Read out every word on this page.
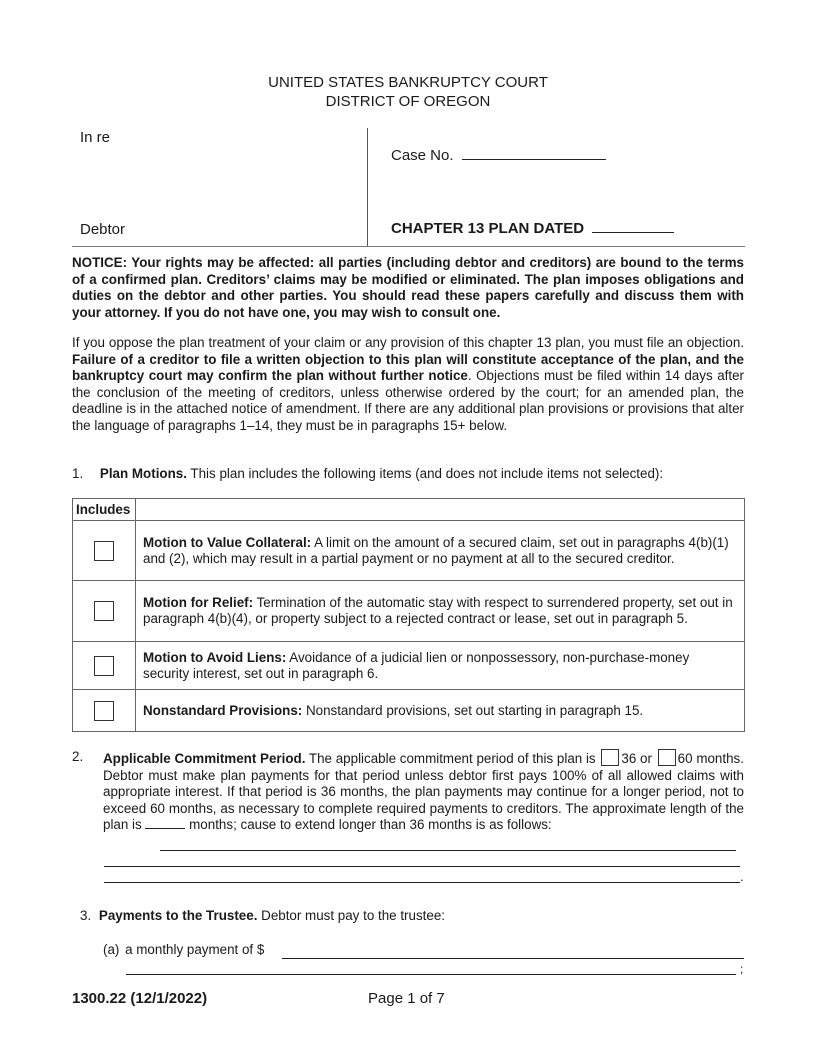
UNITED STATES BANKRUPTCY COURT
DISTRICT OF OREGON
In re
Debtor
Case No.
CHAPTER 13 PLAN DATED
NOTICE: Your rights may be affected: all parties (including debtor and creditors) are bound to the terms of a confirmed plan. Creditors’ claims may be modified or eliminated. The plan imposes obligations and duties on the debtor and other parties. You should read these papers carefully and discuss them with your attorney. If you do not have one, you may wish to consult one.
If you oppose the plan treatment of your claim or any provision of this chapter 13 plan, you must file an objection. Failure of a creditor to file a written objection to this plan will constitute acceptance of the plan, and the bankruptcy court may confirm the plan without further notice. Objections must be filed within 14 days after the conclusion of the meeting of creditors, unless otherwise ordered by the court; for an amended plan, the deadline is in the attached notice of amendment. If there are any additional plan provisions or provisions that alter the language of paragraphs 1–14, they must be in paragraphs 15+ below.
1. Plan Motions. This plan includes the following items (and does not include items not selected):
Includes	
	Motion to Value Collateral: A limit on the amount of a secured claim, set out in paragraphs 4(b)(1) and (2), which may result in a partial payment or no payment at all to the secured creditor.
	Motion for Relief: Termination of the automatic stay with respect to surrendered property, set out in paragraph 4(b)(4), or property subject to a rejected contract or lease, set out in paragraph 5.
	Motion to Avoid Liens: Avoidance of a judicial lien or nonpossessory, non-purchase-money security interest, set out in paragraph 6.
	Nonstandard Provisions: Nonstandard provisions, set out starting in paragraph 15.
2. Applicable Commitment Period. The applicable commitment period of this plan is 36 or 60 months. Debtor must make plan payments for that period unless debtor first pays 100% of all allowed claims with appropriate interest. If that period is 36 months, the plan payments may continue for a longer period, not to exceed 60 months, as necessary to complete required payments to creditors. The approximate length of the plan is	months; cause to extend longer than 36 months is as follows:
.
3. Payments to the Trustee. Debtor must pay to the trustee:
(a) a monthly payment of $
;
1300.22 (12/1/2022)	Page 1 of 7
